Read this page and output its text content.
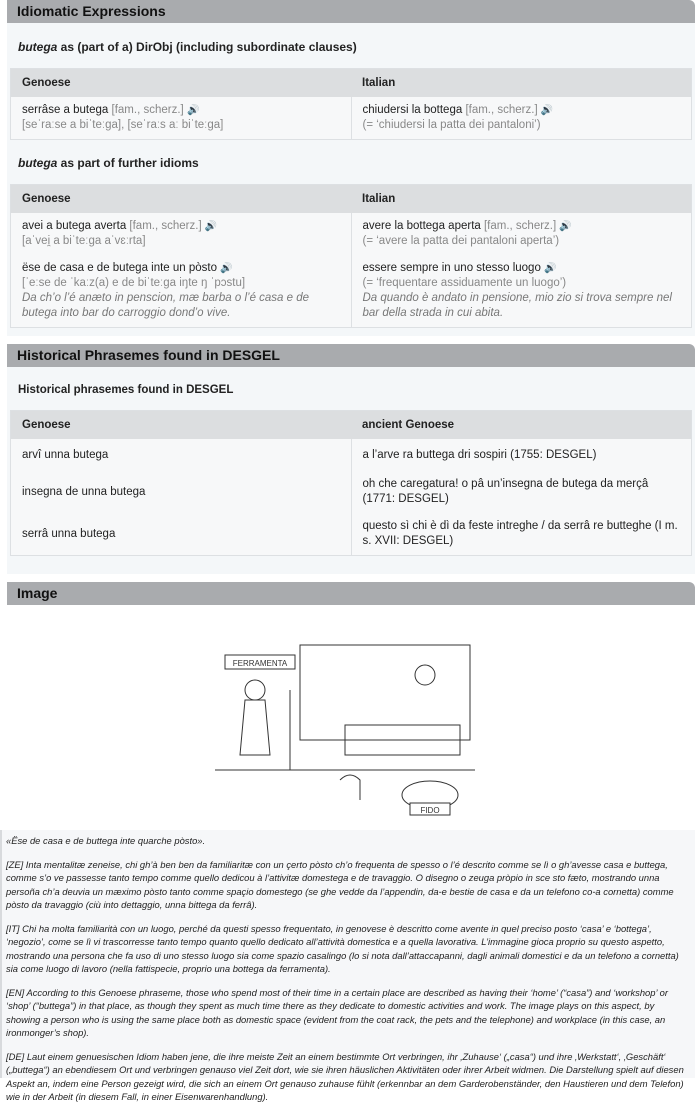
Idiomatic Expressions
butega as (part of a) DirObj (including subordinate clauses)
Genoese	Italian
serrâse a butega [fam., scherz.] 🔊
[seˈraːse a biˈteːga], [seˈraːs aː biˈteːga]	chiudersi la bottega [fam., scherz.] 🔊
(= ‘chiudersi la patta dei pantaloni’)
butega as part of further idioms
Genoese	Italian
avei a butega averta [fam., scherz.] 🔊
[aˈvei̯ a biˈteːga aˈvɛːrta]	avere la bottega aperta [fam., scherz.] 🔊
(= ‘avere la patta dei pantaloni aperta’)
ëse de casa e de butega inte un pòsto 🔊
[ˈeːse de ˈkaːz(a) e de biˈteːga iŋte ŋ ˈpɔstu]
Da ch’o l’é anæto in penscion, mæ barba o l’é casa e de butega into bar do carroggio dond’o vive.	essere sempre in uno stesso luogo 🔊
(= ‘frequentare assiduamente un luogo’)
Da quando è andato in pensione, mio zio si trova sempre nel bar della strada in cui abita.
Historical Phrasemes found in DESGEL
Historical phrasemes found in DESGEL
Genoese	ancient Genoese
arvî unna butega	a l’arve ra buttega dri sospiri (1755: DESGEL)
insegna de unna butega	oh che caregatura! o pâ un’insegna de butega da merçâ (1771: DESGEL)
serrâ unna butega	questo sì chi è dì da feste intreghe / da serrâ re butteghe (I m. s. XVII: DESGEL)
Image
FERRAMENTA
FIDO

«Ëse de casa e de buttega inte quarche pòsto».

[ZE] Inta mentalitæ zeneise, chi gh’à ben ben da familiaritæ con un çerto pòsto ch’o frequenta de spesso o l’é descrito comme se lì o gh’avesse casa e buttega, comme s’o ve passesse tanto tempo comme quello dedicou à l’attivitæ domestega e de travaggio. O disegno o zeuga pròpio in sce sto fæto, mostrando unna persoña ch’a deuvia un mæximo pòsto tanto comme spaçio domestego (se ghe vedde da l’appendin, da-e bestie de casa e da un telefono co-a cornetta) comme pòsto da travaggio (ciù into dettaggio, unna bittega da ferrâ).

[IT] Chi ha molta familiarità con un luogo, perché da questi spesso frequentato, in genovese è descritto come avente in quel preciso posto ‘casa’ e ‘bottega’, ‘negozio’, come se lì vi trascorresse tanto tempo quanto quello dedicato all’attività domestica e a quella lavorativa. L’immagine gioca proprio su questo aspetto, mostrando una persona che fa uso di uno stesso luogo sia come spazio casalingo (lo si nota dall’attaccapanni, dagli animali domestici e da un telefono a cornetta) sia come luogo di lavoro (nella fattispecie, proprio una bottega da ferramenta).

[EN] According to this Genoese phraseme, those who spend most of their time in a certain place are described as having their ‘home’ (“casa”) and ‘workshop’ or ‘shop’ (“buttega”) in that place, as though they spent as much time there as they dedicate to domestic activities and work. The image plays on this aspect, by showing a person who is using the same place both as domestic space (evident from the coat rack, the pets and the telephone) and workplace (in this case, an ironmonger’s shop).

[DE] Laut einem genuesischen Idiom haben jene, die ihre meiste Zeit an einem bestimmte Ort verbringen, ihr ‚Zuhause‘ („casa“) und ihre ‚Werkstatt‘, ‚Geschäft‘ („buttega“) an ebendiesem Ort und verbringen genauso viel Zeit dort, wie sie ihren häuslichen Aktivitäten oder ihrer Arbeit widmen. Die Darstellung spielt auf diesen Aspekt an, indem eine Person gezeigt wird, die sich an einem Ort genauso zuhause fühlt (erkennbar an dem Garderobenständer, den Haustieren und dem Telefon) wie in der Arbeit (in diesem Fall, in einer Eisenwarenhandlung).
